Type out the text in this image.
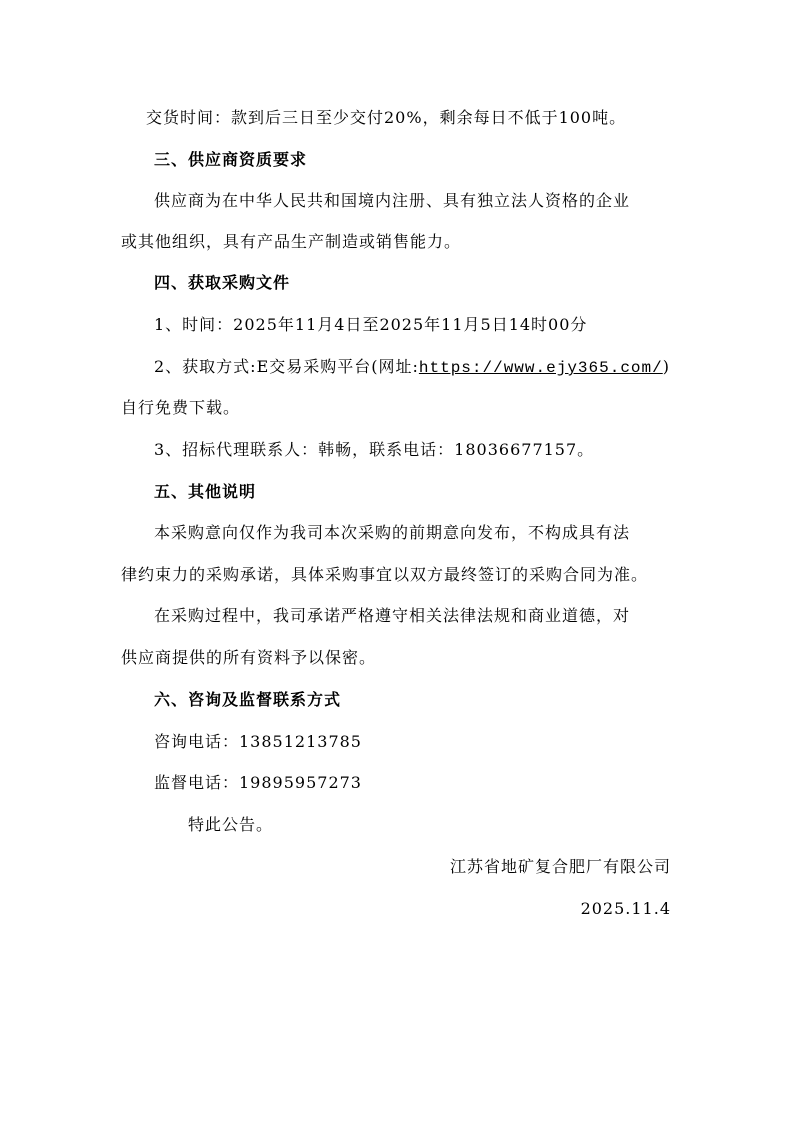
交货时间：款到后三日至少交付20%，剩余每日不低于100吨。
三、供应商资质要求
供应商为在中华人民共和国境内注册、具有独立法人资格的企业
或其他组织，具有产品生产制造或销售能力。
四、获取采购文件
1、时间：2025年11月4日至2025年11月5日14时00分
2、获取方式:E交易采购平台(网址:https://www.ejy365.com/)
自行免费下载。
3、招标代理联系人：韩畅，联系电话：18036677157。
五、其他说明
本采购意向仅作为我司本次采购的前期意向发布，不构成具有法
律约束力的采购承诺，具体采购事宜以双方最终签订的采购合同为准。
在采购过程中，我司承诺严格遵守相关法律法规和商业道德，对
供应商提供的所有资料予以保密。
六、咨询及监督联系方式
咨询电话：13851213785
监督电话：19895957273
特此公告。
江苏省地矿复合肥厂有限公司
2025.11.4
